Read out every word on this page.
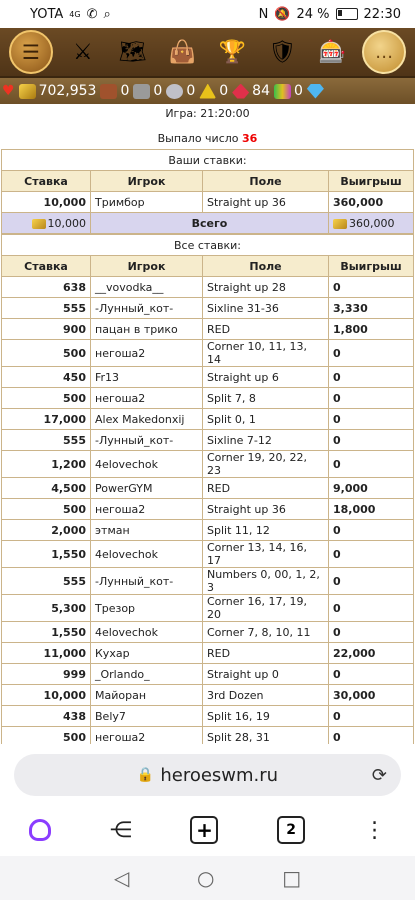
YOTA 4G ✆ ⌕	N 🔕 24 %	22:30
☰	⚔	🗺 👜 🏆 🛡 🎰	…
♥ 702,953 0 0 0 0 84 0
Игра: 21:20:00
Выпало число 36
Ваши ставки:			
Ставка	Игрок	Поле	Выигрыш
10,000	Тримбор	Straight up 36	360,000
10,000	Всего		360,000
Все ставки:			
Ставка	Игрок	Поле	Выигрыш
638	__vovodka__	Straight up 28	0
555	-Лунный_кот-	Sixline 31-36	3,330
900	пацан в трико	RED	1,800
500	негоша2	Corner 10, 11, 13, 14	0
450	Fr13	Straight up 6	0
500	негоша2	Split 7, 8	0
17,000	Alex Makedonxij	Split 0, 1	0
555	-Лунный_кот-	Sixline 7-12	0
1,200	4elovechok	Corner 19, 20, 22, 23	0
4,500	PowerGYM	RED	9,000
500	негоша2	Straight up 36	18,000
2,000	этман	Split 11, 12	0
1,550	4elovechok	Corner 13, 14, 16, 17	0
555	-Лунный_кот-	Numbers 0, 00, 1, 2, 3	0
5,300	Трезор	Corner 16, 17, 19, 20	0
1,550	4elovechok	Corner 7, 8, 10, 11	0
11,000	Кухар	RED	22,000
999	_Orlando_	Straight up 0	0
10,000	Майоран	3rd Dozen	30,000
438	Bely7	Split 16, 19	0
500	негоша2	Split 28, 31	0

🔒 heroeswm.ru	⟳
⋲	+	2	⋮
◁	○	□
